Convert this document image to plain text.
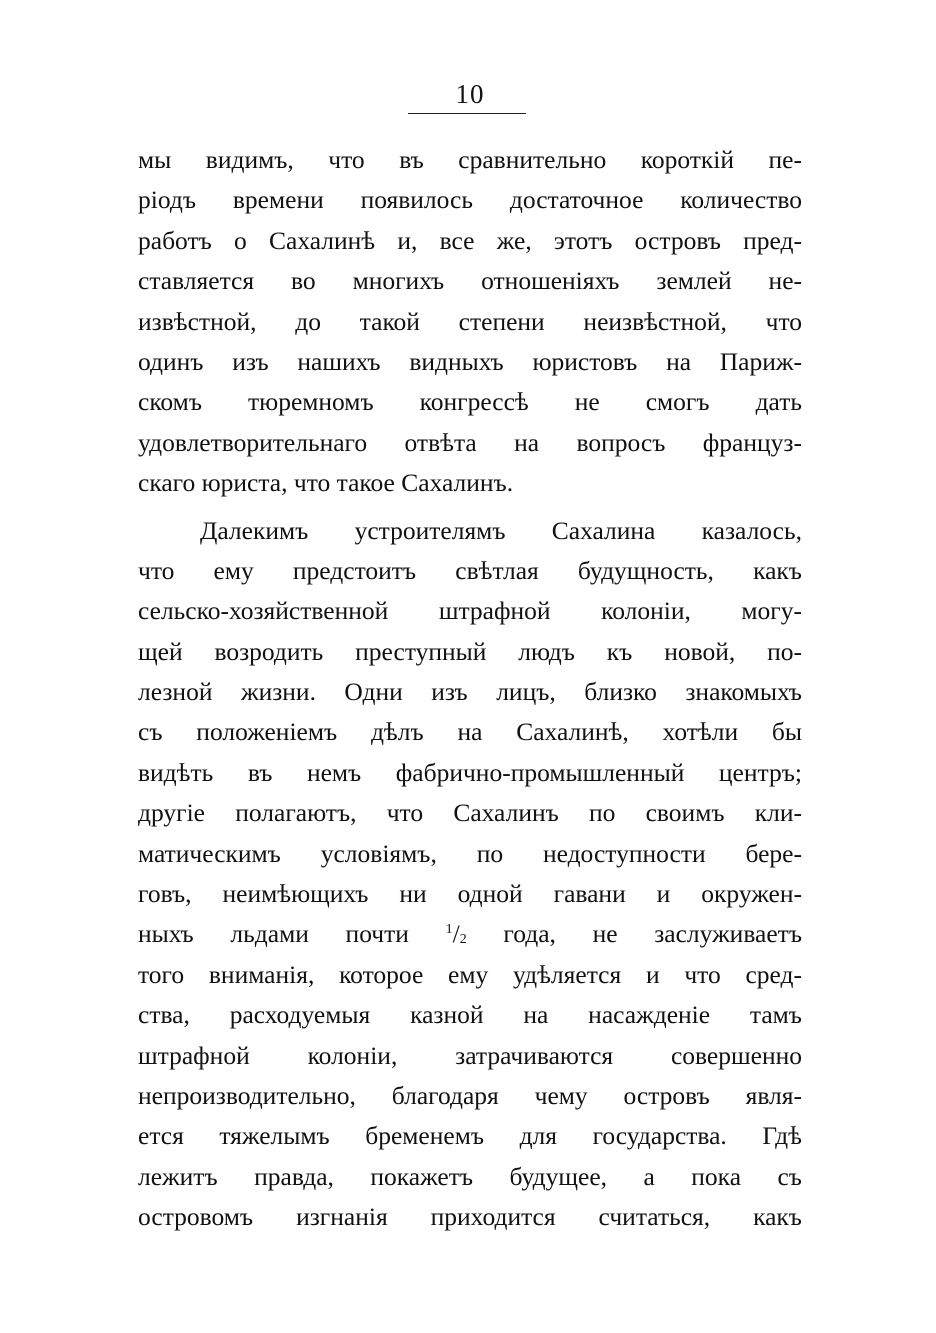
10
мы видимъ, что въ сравнительно короткій пе-
ріодъ времени появилось достаточное количество
работъ о Сахалинѣ и, все же, этотъ островъ пред-
ставляется во многихъ отношеніяхъ землей не-
извѣстной, до такой степени неизвѣстной, что
одинъ изъ нашихъ видныхъ юристовъ на Париж-
скомъ тюремномъ конгрессѣ не смогъ дать
удовлетворительнаго отвѣта на вопросъ француз-
скаго юриста, что такое Сахалинъ.
Далекимъ устроителямъ Сахалина казалось,
что ему предстоитъ свѣтлая будущность, какъ
сельско-хозяйственной штрафной колоніи, могу-
щей возродить преступный людъ къ новой, по-
лезной жизни. Одни изъ лицъ, близко знакомыхъ
съ положеніемъ дѣлъ на Сахалинѣ, хотѣли бы
видѣть въ немъ фабрично-промышленный центръ;
другіе полагаютъ, что Сахалинъ по своимъ кли-
матическимъ условіямъ, по недоступности бере-
говъ, неимѣющихъ ни одной гавани и окружен-
ныхъ льдами почти	$^1/_2$ года, не заслуживаетъ
того вниманія, которое ему удѣляется и что сред-
ства, расходуемыя казной на насажденіе тамъ
штрафной колоніи, затрачиваются совершенно
непроизводительно, благодаря чему островъ явля-
ется тяжелымъ бременемъ для государства. Гдѣ
лежитъ правда, покажетъ будущее, а пока съ
островомъ изгнанія приходится считаться, какъ
